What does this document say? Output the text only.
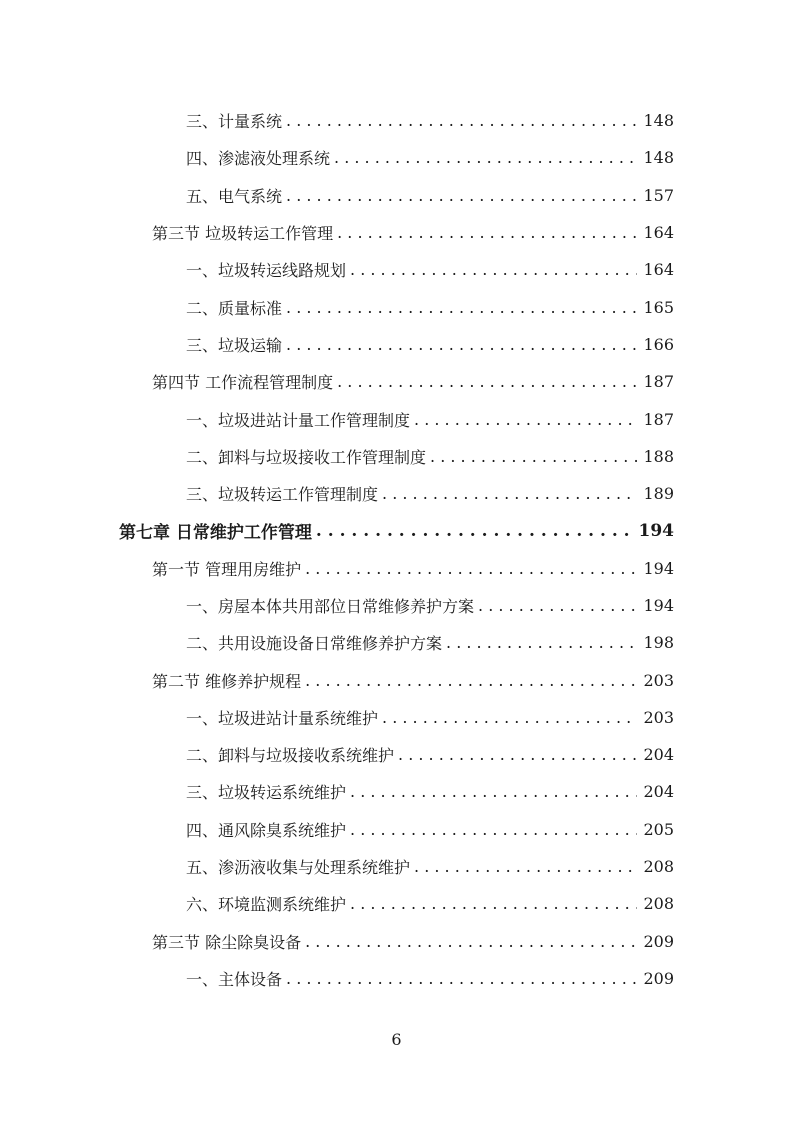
三、计量系统 . . .	148
四、渗滤液处理系统 . . .	148
五、电气系统 . . .	157
第三节 垃圾转运工作管理 . . .	164
一、垃圾转运线路规划 . . .	164
二、质量标准 . . .	165
三、垃圾运输 . . .	166
第四节 工作流程管理制度 . . .	187
一、垃圾进站计量工作管理制度 . . .	187
二、卸料与垃圾接收工作管理制度 . . .	188
三、垃圾转运工作管理制度 . . .	189
第七章 日常维护工作管理 . . .	194
第一节 管理用房维护 . . .	194
一、房屋本体共用部位日常维修养护方案 . . .	194
二、共用设施设备日常维修养护方案 . . .	198
第二节 维修养护规程 . . .	203
一、垃圾进站计量系统维护 . . .	203
二、卸料与垃圾接收系统维护 . . .	204
三、垃圾转运系统维护 . . .	204
四、通风除臭系统维护 . . .	205
五、渗沥液收集与处理系统维护 . . .	208
六、环境监测系统维护 . . .	208
第三节 除尘除臭设备 . . .	209
一、主体设备 . . .	209
6
